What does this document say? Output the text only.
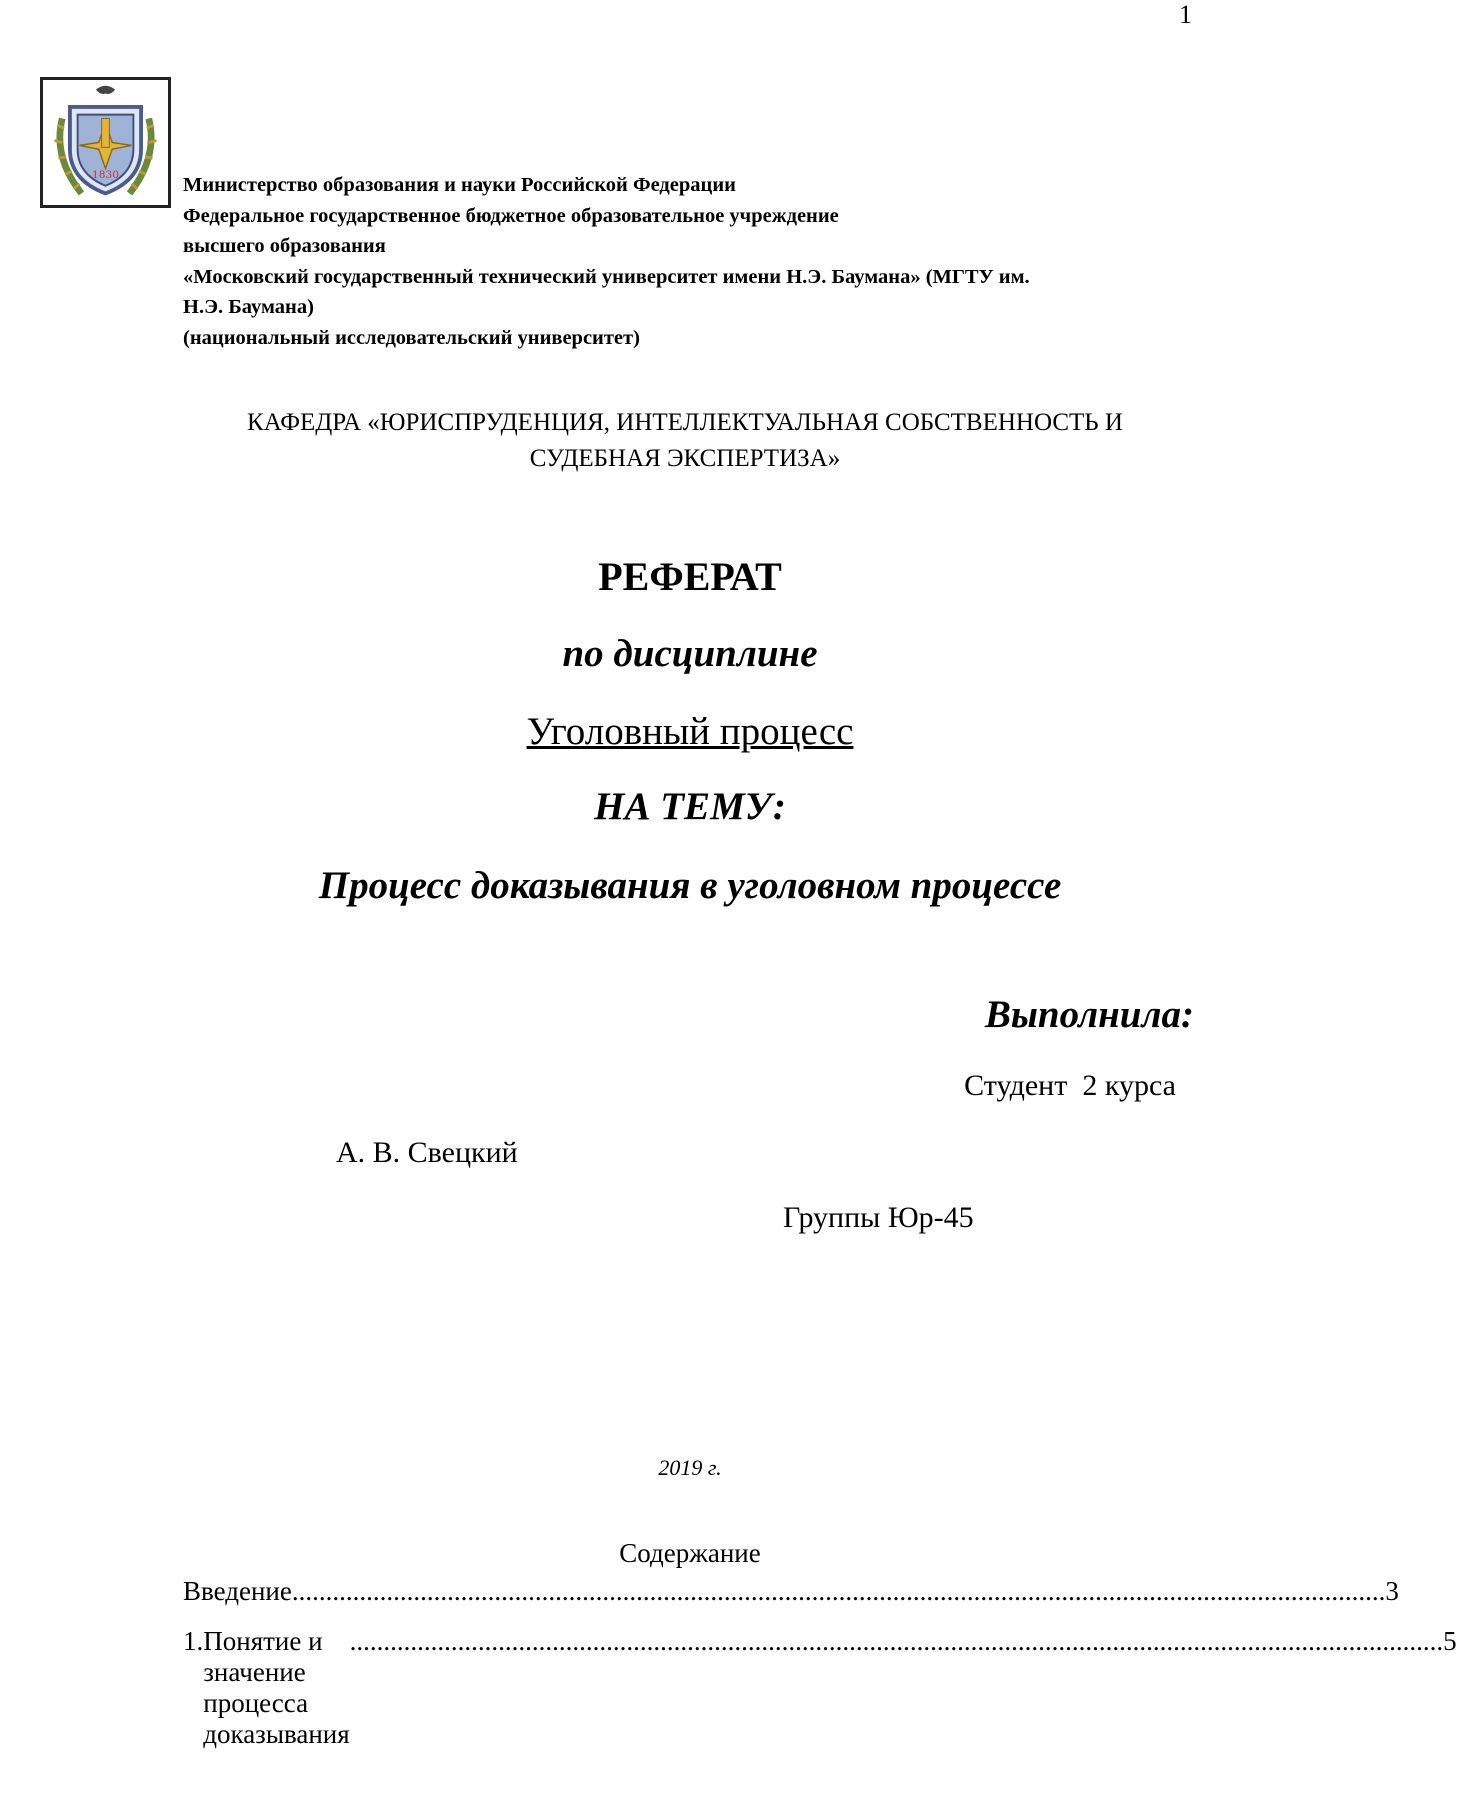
1
1830	Министерство образования и науки Российской Федерации
Федеральное государственное бюджетное образовательное учреждение
высшего образования
«Московский государственный технический университет имени Н.Э. Баумана» (МГТУ им.
Н.Э. Баумана)
(национальный исследовательский университет)
КАФЕДРА «ЮРИСПРУДЕНЦИЯ, ИНТЕЛЛЕКТУАЛЬНАЯ СОБСТВЕННОСТЬ И
СУДЕБНАЯ ЭКСПЕРТИЗА»
РЕФЕРАТ
по дисциплине
Уголовный процесс
НА ТЕМУ:
Процесс доказывания в уголовном процессе
Выполнила:
Студент  2 курса
А. В. Свецкий
Группы Юр-45
2019 г.
Содержание
Введение .................................................................................................................................................................. 3
1. Понятие и значение процесса доказывания
.................................................................................................................................................................. 5
